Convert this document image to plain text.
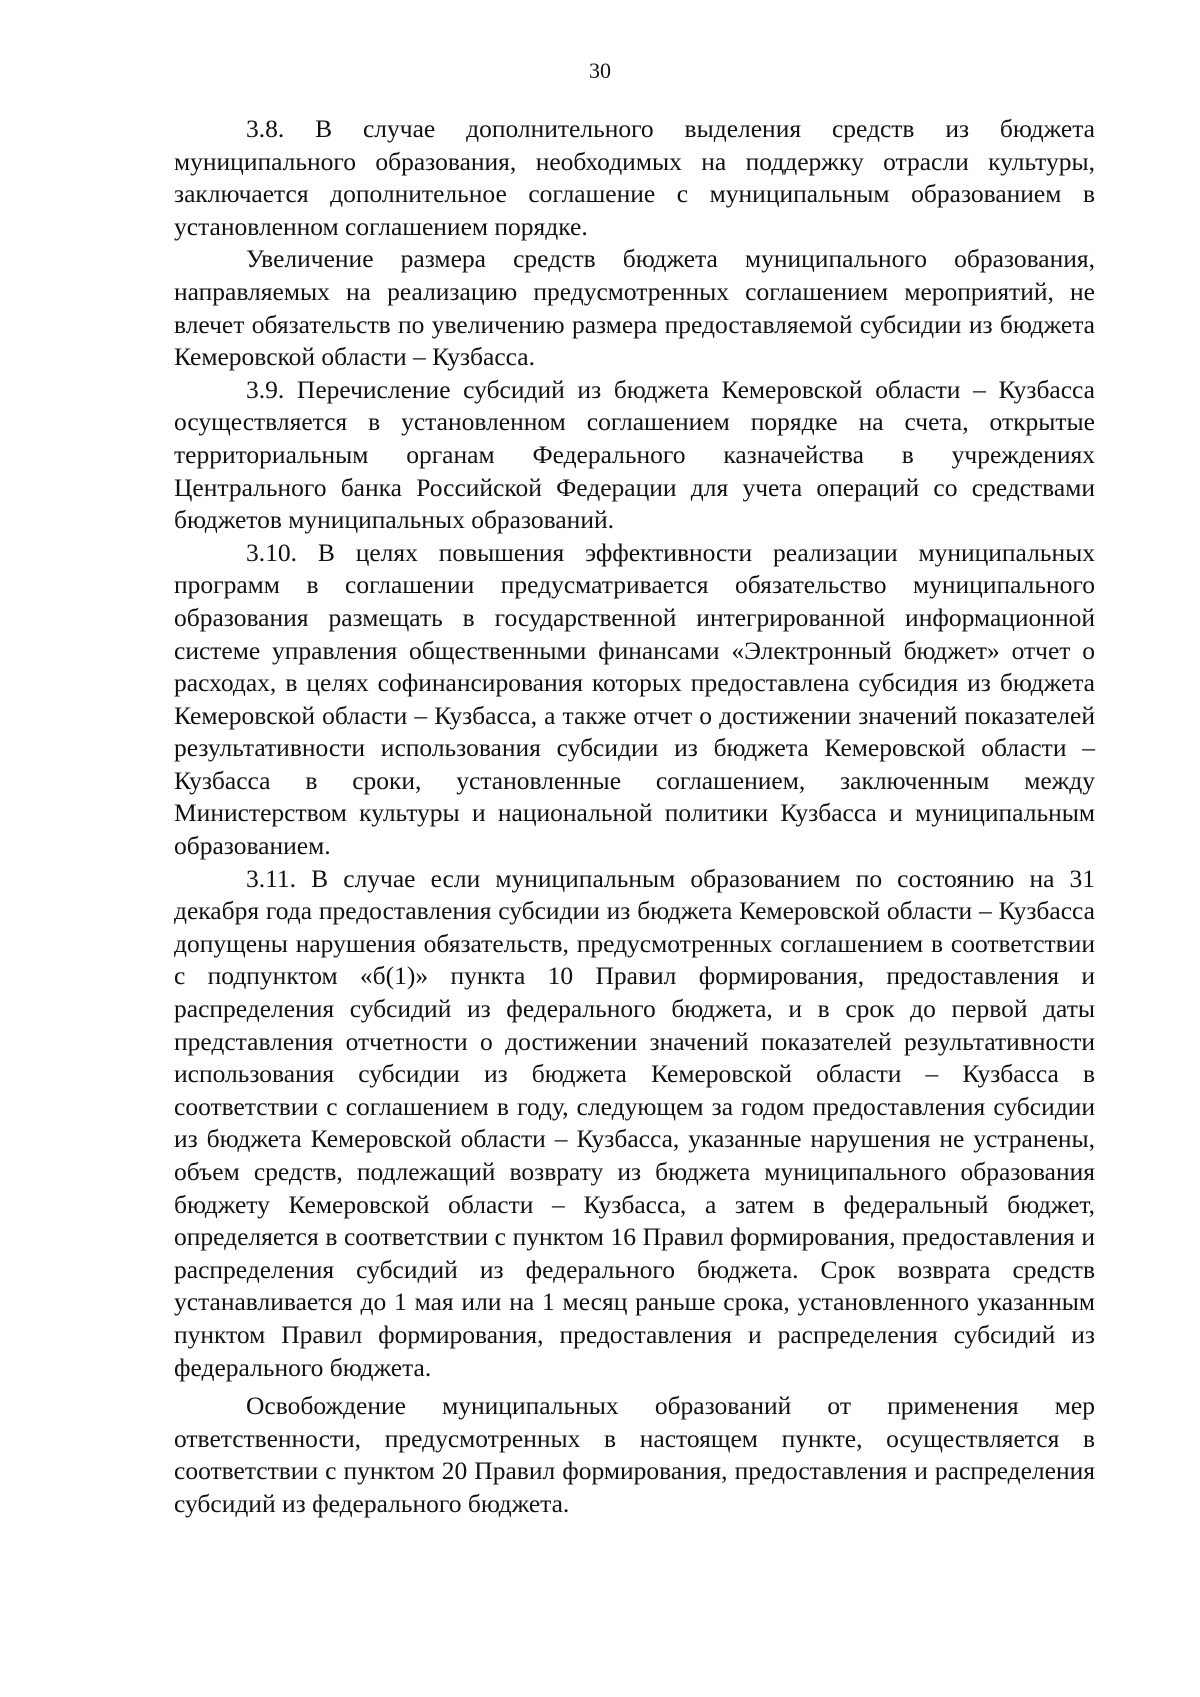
30

3.8. В случае дополнительного выделения средств из бюджета муниципального образования, необходимых на поддержку отрасли культуры, заключается дополнительное соглашение с муниципальным образованием в установленном соглашением порядке.

Увеличение размера средств бюджета муниципального образования, направляемых на реализацию предусмотренных соглашением мероприятий, не влечет обязательств по увеличению размера предоставляемой субсидии из бюджета Кемеровской области – Кузбасса.

3.9. Перечисление субсидий из бюджета Кемеровской области – Кузбасса осуществляется в установленном соглашением порядке на счета, открытые территориальным органам Федерального казначейства в учреждениях Центрального банка Российской Федерации для учета операций со средствами бюджетов муниципальных образований.

3.10. В целях повышения эффективности реализации муниципальных программ в соглашении предусматривается обязательство муниципального образования размещать в государственной интегрированной информационной системе управления общественными финансами «Электронный бюджет» отчет о расходах, в целях софинансирования которых предоставлена субсидия из бюджета Кемеровской области – Кузбасса, а также отчет о достижении значений показателей результативности использования субсидии из бюджета Кемеровской области – Кузбасса в сроки, установленные соглашением, заключенным между Министерством культуры и национальной политики Кузбасса и муниципальным образованием.

3.11. В случае если муниципальным образованием по состоянию на 31 декабря года предоставления субсидии из бюджета Кемеровской области – Кузбасса допущены нарушения обязательств, предусмотренных соглашением в соответствии с подпунктом «б(1)» пункта 10 Правил формирования, предоставления и распределения субсидий из федерального бюджета, и в срок до первой даты представления отчетности о достижении значений показателей результативности использования субсидии из бюджета Кемеровской области – Кузбасса в соответствии с соглашением в году, следующем за годом предоставления субсидии из бюджета Кемеровской области – Кузбасса, указанные нарушения не устранены, объем средств, подлежащий возврату из бюджета муниципального образования бюджету Кемеровской области – Кузбасса, а затем в федеральный бюджет, определяется в соответствии с пунктом 16 Правил формирования, предоставления и распределения субсидий из федерального бюджета. Срок возврата средств устанавливается до 1 мая или на 1 месяц раньше срока, установленного указанным пунктом Правил формирования, предоставления и распределения субсидий из федерального бюджета.

Освобождение муниципальных образований от применения мер ответственности, предусмотренных в настоящем пункте, осуществляется в соответствии с пунктом 20 Правил формирования, предоставления и распределения субсидий из федерального бюджета.
